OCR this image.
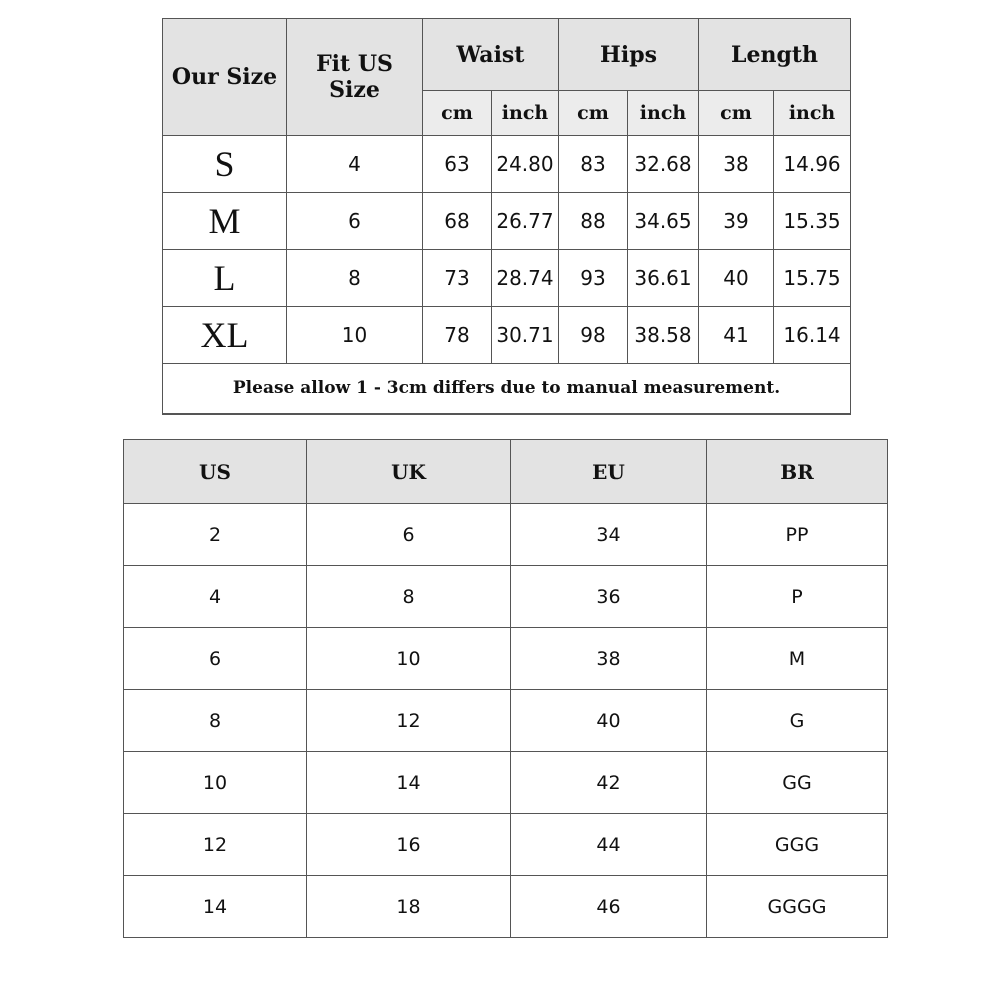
Our Size	Fit US Size	Waist		Hips		Length	
		cm	inch	cm	inch	cm	inch
S	4	63	24.80	83	32.68	38	14.96
M	6	68	26.77	88	34.65	39	15.35
L	8	73	28.74	93	36.61	40	15.75
XL	10	78	30.71	98	38.58	41	16.14
Please allow 1 - 3cm differs due to manual measurement.							
US	UK	EU	BR
2	6	34	PP
4	8	36	P
6	10	38	M
8	12	40	G
10	14	42	GG
12	16	44	GGG
14	18	46	GGGG
